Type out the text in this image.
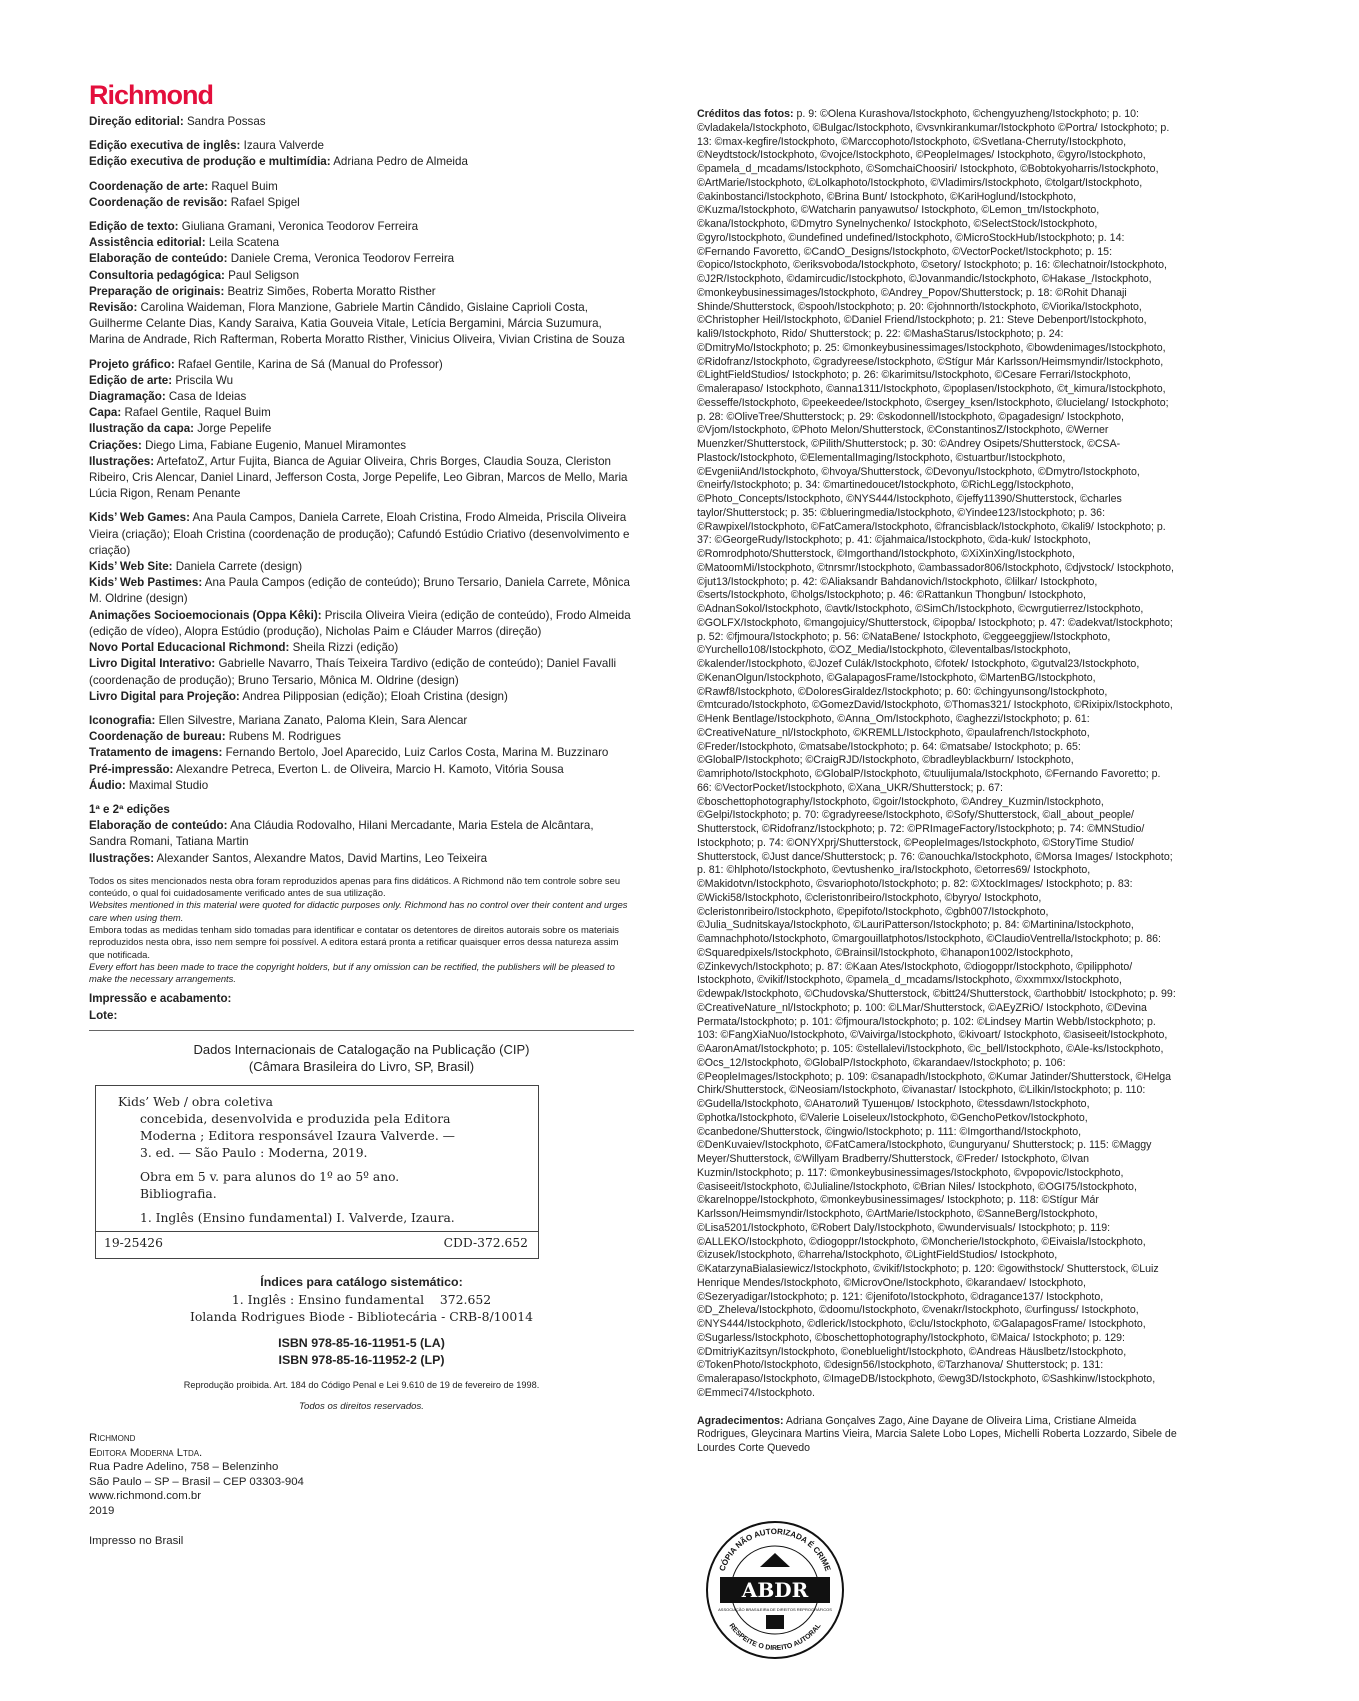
Richmond
Direção editorial: Sandra Possas
Edição executiva de inglês: Izaura Valverde
Edição executiva de produção e multimídia: Adriana Pedro de Almeida
Coordenação de arte: Raquel Buim
Coordenação de revisão: Rafael Spigel
Edição de texto: Giuliana Gramani, Veronica Teodorov Ferreira
Assistência editorial: Leila Scatena
Elaboração de conteúdo: Daniele Crema, Veronica Teodorov Ferreira
Consultoria pedagógica: Paul Seligson
Preparação de originais: Beatriz Simões, Roberta Moratto Risther
Revisão: Carolina Waideman, Flora Manzione, Gabriele Martin Cândido, Gislaine Caprioli Costa, Guilherme Celante Dias, Kandy Saraiva, Katia Gouveia Vitale, Letícia Bergamini, Márcia Suzumura, Marina de Andrade, Rich Rafterman, Roberta Moratto Risther, Vinicius Oliveira, Vivian Cristina de Souza
Projeto gráfico: Rafael Gentile, Karina de Sá (Manual do Professor)
Edição de arte: Priscila Wu
Diagramação: Casa de Ideias
Capa: Rafael Gentile, Raquel Buim
Ilustração da capa: Jorge Pepelife
Criações: Diego Lima, Fabiane Eugenio, Manuel Miramontes
Ilustrações: ArtefatoZ, Artur Fujita, Bianca de Aguiar Oliveira, Chris Borges, Claudia Souza, Cleriston Ribeiro, Cris Alencar, Daniel Linard, Jefferson Costa, Jorge Pepelife, Leo Gibran, Marcos de Mello, Maria Lúcia Rigon, Renam Penante
Kids’ Web Games: Ana Paula Campos, Daniela Carrete, Eloah Cristina, Frodo Almeida, Priscila Oliveira Vieira (criação); Eloah Cristina (coordenação de produção); Cafundó Estúdio Criativo (desenvolvimento e criação)
Kids’ Web Site: Daniela Carrete (design)
Kids’ Web Pastimes: Ana Paula Campos (edição de conteúdo); Bruno Tersario, Daniela Carrete, Mônica M. Oldrine (design)
Animações Socioemocionais (Oppa Kêki): Priscila Oliveira Vieira (edição de conteúdo), Frodo Almeida (edição de vídeo), Alopra Estúdio (produção), Nicholas Paim e Cláuder Marros (direção)
Novo Portal Educacional Richmond: Sheila Rizzi (edição)
Livro Digital Interativo: Gabrielle Navarro, Thaís Teixeira Tardivo (edição de conteúdo); Daniel Favalli (coordenação de produção); Bruno Tersario, Mônica M. Oldrine (design)
Livro Digital para Projeção: Andrea Pilipposian (edição); Eloah Cristina (design)
Iconografia: Ellen Silvestre, Mariana Zanato, Paloma Klein, Sara Alencar
Coordenação de bureau: Rubens M. Rodrigues
Tratamento de imagens: Fernando Bertolo, Joel Aparecido, Luiz Carlos Costa, Marina M. Buzzinaro
Pré-impressão: Alexandre Petreca, Everton L. de Oliveira, Marcio H. Kamoto, Vitória Sousa
Áudio: Maximal Studio
1ª e 2ª edições
Elaboração de conteúdo: Ana Cláudia Rodovalho, Hilani Mercadante, Maria Estela de Alcântara, Sandra Romani, Tatiana Martin
Ilustrações: Alexander Santos, Alexandre Matos, David Martins, Leo Teixeira
Todos os sites mencionados nesta obra foram reproduzidos apenas para fins didáticos. A Richmond não tem controle sobre seu conteúdo, o qual foi cuidadosamente verificado antes de sua utilização.
Websites mentioned in this material were quoted for didactic purposes only. Richmond has no control over their content and urges care when using them.
Embora todas as medidas tenham sido tomadas para identificar e contatar os detentores de direitos autorais sobre os materiais reproduzidos nesta obra, isso nem sempre foi possível. A editora estará pronta a retificar quaisquer erros dessa natureza assim que notificada.
Every effort has been made to trace the copyright holders, but if any omission can be rectified, the publishers will be pleased to make the necessary arrangements.
Impressão e acabamento:
Lote:
Dados Internacionais de Catalogação na Publicação (CIP)
(Câmara Brasileira do Livro, SP, Brasil)
Kids’ Web / obra coletiva
concebida, desenvolvida e produzida pela Editora
Moderna ; Editora responsável Izaura Valverde. —
3. ed. — São Paulo : Moderna, 2019.
Obra em 5 v. para alunos do 1º ao 5º ano.
Bibliografia.
1. Inglês (Ensino fundamental) I. Valverde, Izaura.
19-25426	CDD-372.652
Índices para catálogo sistemático:
1. Inglês : Ensino fundamental    372.652
Iolanda Rodrigues Biode - Bibliotecária - CRB-8/10014
ISBN 978-85-16-11951-5 (LA)
ISBN 978-85-16-11952-2 (LP)
Reprodução proibida. Art. 184 do Código Penal e Lei 9.610 de 19 de fevereiro de 1998.
Todos os direitos reservados.
Richmond
Editora Moderna Ltda.
Rua Padre Adelino, 758 – Belenzinho
São Paulo – SP – Brasil – CEP 03303-904
www.richmond.com.br
2019
Impresso no Brasil
Créditos das fotos: p. 9: ©Olena Kurashova/Istockphoto, ©chengyuzheng/Istockphoto; p. 10: ©vladakela/Istockphoto, ©Bulgac/Istockphoto, ©vsvnkirankumar/Istockphoto ©Portra/ Istockphoto; p. 13: ©max-kegfire/Istockphoto, ©Marccophoto/Istockphoto, ©Svetlana-Cherruty/Istockphoto, ©Neydtstock/Istockphoto, ©vojce/Istockphoto, ©PeopleImages/ Istockphoto, ©gyro/Istockphoto, ©pamela_d_mcadams/Istockphoto, ©SomchaiChoosiri/ Istockphoto, ©Bobtokyoharris/Istockphoto, ©ArtMarie/Istockphoto, ©Lolkaphoto/Istockphoto, ©Vladimirs/Istockphoto, ©tolgart/Istockphoto, ©akinbostanci/Istockphoto, ©Brina Bunt/ Istockphoto, ©KariHoglund/Istockphoto, ©Kuzma/Istockphoto, ©Watcharin panyawutso/ Istockphoto, ©Lemon_tm/Istockphoto, ©kana/Istockphoto, ©Dmytro Synelnychenko/ Istockphoto, ©SelectStock/Istockphoto, ©gyro/Istockphoto, ©undefined undefined/Istockphoto, ©MicroStockHub/Istockphoto; p. 14: ©Fernando Favoretto, ©CandO_Designs/Istockphoto, ©VectorPocket/Istockphoto; p. 15: ©opico/Istockphoto, ©eriksvoboda/Istockphoto, ©setory/ Istockphoto; p. 16: ©lechatnoir/Istockphoto, ©J2R/Istockphoto, ©damircudic/Istockphoto, ©Jovanmandic/Istockphoto, ©Hakase_/Istockphoto, ©monkeybusinessimages/Istockphoto, ©Andrey_Popov/Shutterstock; p. 18: ©Rohit Dhanaji Shinde/Shutterstock, ©spooh/Istockphoto; p. 20: ©johnnorth/Istockphoto, ©Viorika/Istockphoto, ©Christopher Heil/Istockphoto, ©Daniel Friend/Istockphoto; p. 21: Steve Debenport/Istockphoto, kali9/Istockphoto, Rido/ Shutterstock; p. 22: ©MashaStarus/Istockphoto; p. 24: ©DmitryMo/Istockphoto; p. 25: ©monkeybusinessimages/Istockphoto, ©bowdenimages/Istockphoto, ©Ridofranz/Istockphoto, ©gradyreese/Istockphoto, ©Stígur Már Karlsson/Heimsmyndir/Istockphoto, ©LightFieldStudios/ Istockphoto; p. 26: ©karimitsu/Istockphoto, ©Cesare Ferrari/Istockphoto, ©malerapaso/ Istockphoto, ©anna1311/Istockphoto, ©poplasen/Istockphoto, ©t_kimura/Istockphoto, ©esseffe/Istockphoto, ©peekeedee/Istockphoto, ©sergey_ksen/Istockphoto, ©lucielang/ Istockphoto; p. 28: ©OliveTree/Shutterstock; p. 29: ©skodonnell/Istockphoto, ©pagadesign/ Istockphoto, ©Vjom/Istockphoto, ©Photo Melon/Shutterstock, ©ConstantinosZ/Istockphoto, ©Werner Muenzker/Shutterstock, ©Pilith/Shutterstock; p. 30: ©Andrey Osipets/Shutterstock, ©CSA-Plastock/Istockphoto, ©ElementalImaging/Istockphoto, ©stuartbur/Istockphoto, ©EvgeniiAnd/Istockphoto, ©hvoya/Shutterstock, ©Devonyu/Istockphoto, ©Dmytro/Istockphoto, ©neirfy/Istockphoto; p. 34: ©martinedoucet/Istockphoto, ©RichLegg/Istockphoto, ©Photo_Concepts/Istockphoto, ©NYS444/Istockphoto, ©jeffy11390/Shutterstock, ©charles taylor/Shutterstock; p. 35: ©blueringmedia/Istockphoto, ©Yindee123/Istockphoto; p. 36: ©Rawpixel/Istockphoto, ©FatCamera/Istockphoto, ©francisblack/Istockphoto, ©kali9/ Istockphoto; p. 37: ©GeorgeRudy/Istockphoto; p. 41: ©jahmaica/Istockphoto, ©da-kuk/ Istockphoto, ©Romrodphoto/Shutterstock, ©Imgorthand/Istockphoto, ©XiXinXing/Istockphoto, ©MatoomMi/Istockphoto, ©tnrsmr/Istockphoto, ©ambassador806/Istockphoto, ©djvstock/ Istockphoto, ©jut13/Istockphoto; p. 42: ©Aliaksandr Bahdanovich/Istockphoto, ©lilkar/ Istockphoto, ©serts/Istockphoto, ©holgs/Istockphoto; p. 46: ©Rattankun Thongbun/ Istockphoto, ©AdnanSokol/Istockphoto, ©avtk/Istockphoto, ©SimCh/Istockphoto, ©cwrgutierrez/Istockphoto, ©GOLFX/Istockphoto, ©mangojuicy/Shutterstock, ©ipopba/ Istockphoto; p. 47: ©adekvat/Istockphoto; p. 52: ©fjmoura/Istockphoto; p. 56: ©NataBene/ Istockphoto, ©eggeeggjiew/Istockphoto, ©Yurchello108/Istockphoto, ©OZ_Media/Istockphoto, ©leventalbas/Istockphoto, ©kalender/Istockphoto, ©Jozef Culák/Istockphoto, ©fotek/ Istockphoto, ©gutval23/Istockphoto, ©KenanOlgun/Istockphoto, ©GalapagosFrame/Istockphoto, ©MartenBG/Istockphoto, ©Rawf8/Istockphoto, ©DoloresGiraldez/Istockphoto; p. 60: ©chingyunsong/Istockphoto, ©mtcurado/Istockphoto, ©GomezDavid/Istockphoto, ©Thomas321/ Istockphoto, ©Rixipix/Istockphoto, ©Henk Bentlage/Istockphoto, ©Anna_Om/Istockphoto, ©aghezzi/Istockphoto; p. 61: ©CreativeNature_nl/Istockphoto, ©KREMLL/Istockphoto, ©paulafrench/Istockphoto, ©Freder/Istockphoto, ©matsabe/Istockphoto; p. 64: ©matsabe/ Istockphoto; p. 65: ©GlobalP/Istockphoto; ©CraigRJD/Istockphoto, ©bradleyblackburn/ Istockphoto, ©amriphoto/Istockphoto, ©GlobalP/Istockphoto, ©tuulijumala/Istockphoto, ©Fernando Favoretto; p. 66: ©VectorPocket/Istockphoto, ©Xana_UKR/Shutterstock; p. 67: ©boschettophotography/Istockphoto, ©goir/Istockphoto, ©Andrey_Kuzmin/Istockphoto, ©Gelpi/Istockphoto; p. 70: ©gradyreese/Istockphoto, ©Sofy/Shutterstock, ©all_about_people/ Shutterstock, ©Ridofranz/Istockphoto; p. 72: ©PRImageFactory/Istockphoto; p. 74: ©MNStudio/ Istockphoto; p. 74: ©ONYXprj/Shutterstock, ©PeopleImages/Istockphoto, ©StoryTime Studio/ Shutterstock, ©Just dance/Shutterstock; p. 76: ©anouchka/Istockphoto, ©Morsa Images/ Istockphoto; p. 81: ©hlphoto/Istockphoto, ©evtushenko_ira/Istockphoto, ©etorres69/ Istockphoto, ©Makidotvn/Istockphoto, ©svariophoto/Istockphoto; p. 82: ©XtockImages/ Istockphoto; p. 83: ©Wicki58/Istockphoto, ©cleristonribeiro/Istockphoto, ©byryo/ Istockphoto, ©cleristonribeiro/Istockphoto, ©pepifoto/Istockphoto, ©gbh007/Istockphoto, ©Julia_Sudnitskaya/Istockphoto, ©LauriPatterson/Istockphoto; p. 84: ©Martinina/Istockphoto, ©amnachphoto/Istockphoto, ©margouillatphotos/Istockphoto, ©ClaudioVentrella/Istockphoto; p. 86: ©Squaredpixels/Istockphoto, ©Brainsil/Istockphoto, ©hanapon1002/Istockphoto, ©Zinkevych/Istockphoto; p. 87: ©Kaan Ates/Istockphoto, ©diogoppr/Istockphoto, ©pilipphoto/ Istockphoto, ©vikif/Istockphoto, ©pamela_d_mcadams/Istockphoto, ©xxmmxx/Istockphoto, ©dewpak/Istockphoto, ©Chudovska/Shutterstock, ©bitt24/Shutterstock, ©arthobbit/ Istockphoto; p. 99: ©CreativeNature_nl/Istockphoto; p. 100: ©LMar/Shutterstock, ©AEyZRiO/ Istockphoto, ©Devina Permata/Istockphoto; p. 101: ©fjmoura/Istockphoto; p. 102: ©Lindsey Martin Webb/Istockphoto; p. 103: ©FangXiaNuo/Istockphoto, ©Vaivirga/Istockphoto, ©kivoart/ Istockphoto, ©asiseeit/Istockphoto, ©AaronAmat/Istockphoto; p. 105: ©stellalevi/Istockphoto, ©c_bell/Istockphoto, ©Ale-ks/Istockphoto, ©Ocs_12/Istockphoto, ©GlobalP/Istockphoto, ©karandaev/Istockphoto; p. 106: ©PeopleImages/Istockphoto; p. 109: ©sanapadh/Istockphoto, ©Kumar Jatinder/Shutterstock, ©Helga Chirk/Shutterstock, ©Neosiam/Istockphoto, ©ivanastar/ Istockphoto, ©Lilkin/Istockphoto; p. 110: ©Gudella/Istockphoto, ©Анатолий Тушенцов/ Istockphoto, ©tessdawn/Istockphoto, ©photka/Istockphoto, ©Valerie Loiseleux/Istockphoto, ©GenchoPetkov/Istockphoto, ©canbedone/Shutterstock, ©ingwio/Istockphoto; p. 111: ©Imgorthand/Istockphoto, ©DenKuvaiev/Istockphoto, ©FatCamera/Istockphoto, ©unguryanu/ Shutterstock; p. 115: ©Maggy Meyer/Shutterstock, ©Willyam Bradberry/Shutterstock, ©Freder/ Istockphoto, ©Ivan Kuzmin/Istockphoto; p. 117: ©monkeybusinessimages/Istockphoto, ©vpopovic/Istockphoto, ©asiseeit/Istockphoto, ©Julialine/Istockphoto, ©Brian Niles/ Istockphoto, ©OGI75/Istockphoto, ©karelnoppe/Istockphoto, ©monkeybusinessimages/ Istockphoto; p. 118: ©Stígur Már Karlsson/Heimsmyndir/Istockphoto, ©ArtMarie/Istockphoto, ©SanneBerg/Istockphoto, ©Lisa5201/Istockphoto, ©Robert Daly/Istockphoto, ©wundervisuals/ Istockphoto; p. 119: ©ALLEKO/Istockphoto, ©diogoppr/Istockphoto, ©Moncherie/Istockphoto, ©Eivaisla/Istockphoto, ©izusek/Istockphoto, ©harreha/Istockphoto, ©LightFieldStudios/ Istockphoto, ©KatarzynaBialasiewicz/Istockphoto, ©vikif/Istockphoto; p. 120: ©gowithstock/ Shutterstock, ©Luiz Henrique Mendes/Istockphoto, ©MicrovOne/Istockphoto, ©karandaev/ Istockphoto, ©Sezeryadigar/Istockphoto; p. 121: ©jenifoto/Istockphoto, ©dragance137/ Istockphoto, ©D_Zheleva/Istockphoto, ©doomu/Istockphoto, ©venakr/Istockphoto, ©urfinguss/ Istockphoto, ©NYS444/Istockphoto, ©dlerick/Istockphoto, ©clu/Istockphoto, ©GalapagosFrame/ Istockphoto, ©Sugarless/Istockphoto, ©boschettophotography/Istockphoto, ©Maica/ Istockphoto; p. 129: ©DmitriyKazitsyn/Istockphoto, ©onebluelight/Istockphoto, ©Andreas Häuslbetz/Istockphoto, ©TokenPhoto/Istockphoto, ©design56/Istockphoto, ©Tarzhanova/ Shutterstock; p. 131: ©malerapaso/Istockphoto, ©ImageDB/Istockphoto, ©ewg3D/Istockphoto, ©Sashkinw/Istockphoto, ©Emmeci74/Istockphoto.
Agradecimentos: Adriana Gonçalves Zago, Aine Dayane de Oliveira Lima, Cristiane Almeida Rodrigues, Gleycinara Martins Vieira, Marcia Salete Lobo Lopes, Michelli Roberta Lozzardo, Sibele de Lourdes Corte Quevedo
CÓPIA NÃO AUTORIZADA É CRIME
RESPEITE O DIREITO AUTORAL
ABDR
ASSOCIAÇÃO BRASILEIRA DE DIREITOS REPROGRÁFICOS
